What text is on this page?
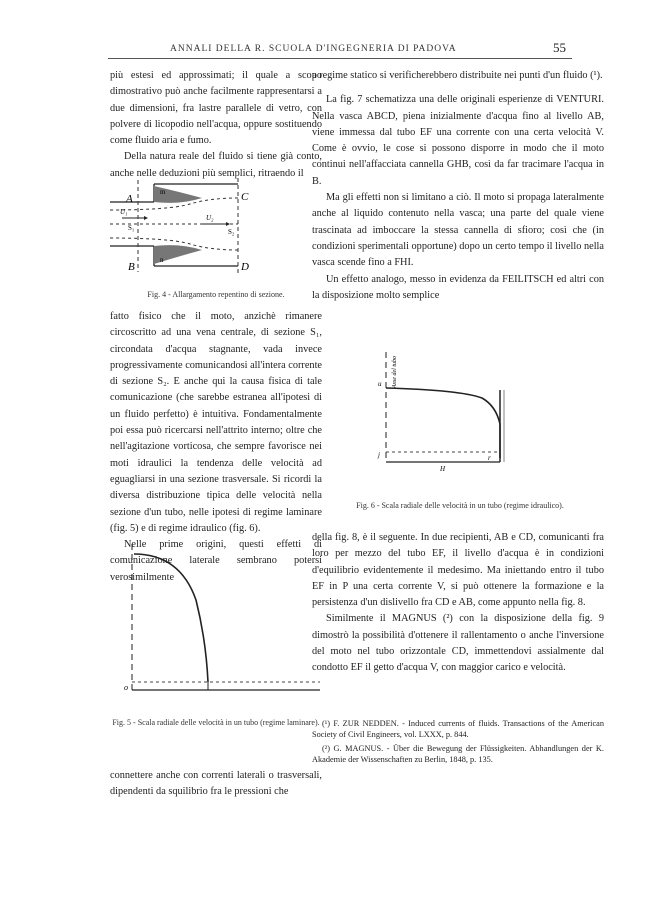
ANNALI DELLA R. SCUOLA D'INGEGNERIA DI PADOVA	55

più estesi ed approssimati; il quale a scopo dimostrativo può anche facilmente rappresentarsi a due dimensioni, fra lastre parallele di vetro, con polvere di licopodio nell'acqua, oppure sostituendo come fluido aria e fumo.

Della natura reale del fluido si tiene già conto, anche nelle deduzioni più semplici, ritraendo il

A
B
C
D
m
n
S₁	S₂
U₁
U₂
Fig. 4 - Allargamento repentino di sezione.

fatto fisico che il moto, anzichè rimanere circoscritto ad una vena centrale, di sezione S₁, circondata d'acqua stagnante, vada invece progressivamente comunicandosi all'intera corrente di sezione S₂. E anche qui la causa fisica di tale comunicazione (che sarebbe estranea all'ipotesi di un fluido perfetto) è intuitiva. Fondamentalmente poi essa può ricercarsi nell'attrito interno; oltre che nell'agitazione vorticosa, che sempre favorisce nei moti idraulici la tendenza delle velocità ad eguagliarsi in una sezione trasversale. Si ricordi la diversa distribuzione tipica delle velocità nella sezione d'un tubo, nelle ipotesi di regime laminare (fig. 5) e di regime idraulico (fig. 6).

Nelle prime origini, questi effetti di comunicazione laterale sembrano potersi verosimilmente

o
Fig. 5 - Scala radiale delle velocità in un tubo (regime laminare).

connettere anche con correnti laterali o trasversali, dipendenti da squilibrio fra le pressioni che

a regime statico si verificherebbero distribuite nei punti d'un fluido (¹).

La fig. 7 schematizza una delle originali esperienze di VENTURI. Nella vasca ABCD, piena inizialmente d'acqua fino al livello AB, viene immessa dal tubo EF una corrente con una certa velocità V. Come è ovvio, le cose si possono disporre in modo che il moto continui nell'affacciata cannella GHB, così da far tracimare l'acqua in B.

Ma gli effetti non si limitano a ciò. Il moto si propaga lateralmente anche al liquido contenuto nella vasca; una parte del quale viene trascinata ad imboccare la stessa cannella di sfioro; così che (in condizioni sperimentali opportune) dopo un certo tempo il livello nella vasca scende fino a FHI.

Un effetto analogo, messo in evidenza da FEILITSCH ed altri con la disposizione molto semplice

u
j
H
r
Asse del tubo
Fig. 6 - Scala radiale delle velocità in un tubo (regime idraulico).

della fig. 8, è il seguente. In due recipienti, AB e CD, comunicanti fra loro per mezzo del tubo EF, il livello d'acqua è in condizioni d'equilibrio evidentemente il medesimo. Ma iniettando entro il tubo EF in P una certa corrente V, si può ottenere la formazione e la persistenza d'un dislivello fra CD e AB, come appunto nella fig. 8.

Similmente il MAGNUS (²) con la disposizione della fig. 9 dimostrò la possibilità d'ottenere il rallentamento o anche l'inversione del moto nel tubo orizzontale CD, immettendovi assialmente dal condotto EF il getto d'acqua V, con maggior carico e velocità.

(¹) F. ZUR NEDDEN. - Induced currents of fluids. Transactions of the American Society of Civil Engineers, vol. LXXX, p. 844.

(²) G. MAGNUS. - Über die Bewegung der Flüssigkeiten. Abhandlungen der K. Akademie der Wissenschaften zu Berlin, 1848, p. 135.
